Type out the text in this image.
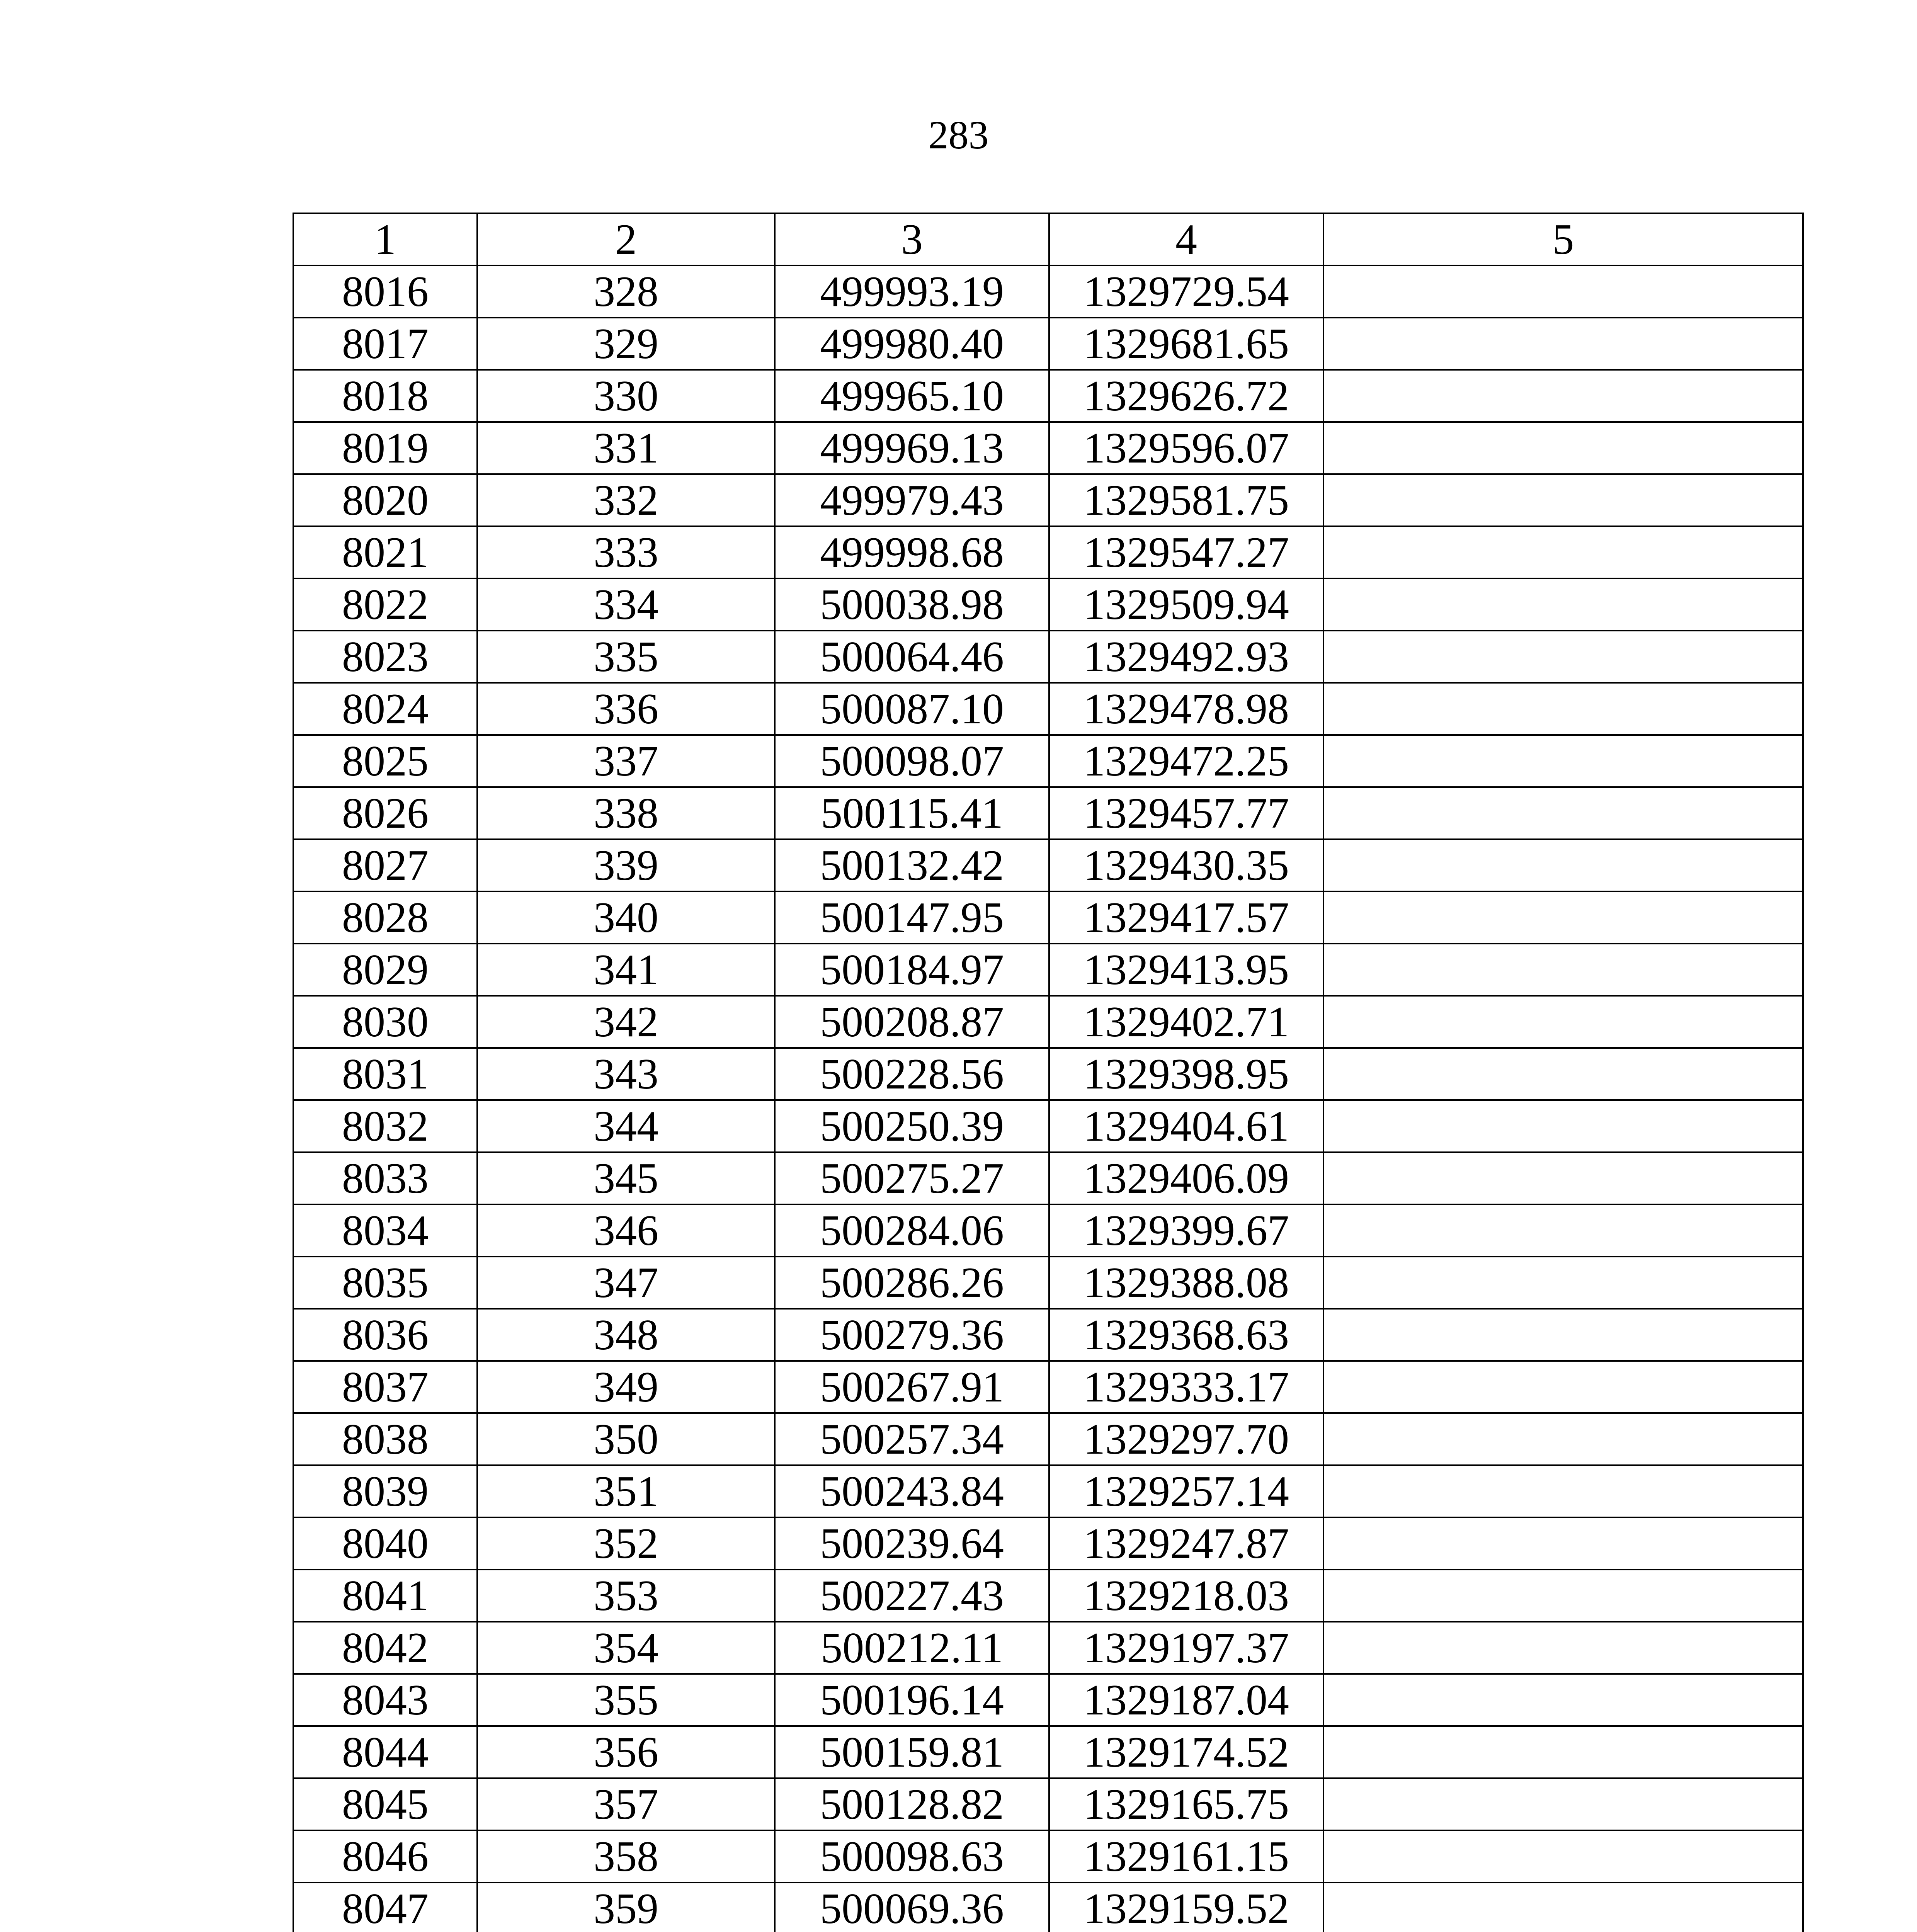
283
1	2	3	4	5
8016	328	499993.19	1329729.54	
8017	329	499980.40	1329681.65	
8018	330	499965.10	1329626.72	
8019	331	499969.13	1329596.07	
8020	332	499979.43	1329581.75	
8021	333	499998.68	1329547.27	
8022	334	500038.98	1329509.94	
8023	335	500064.46	1329492.93	
8024	336	500087.10	1329478.98	
8025	337	500098.07	1329472.25	
8026	338	500115.41	1329457.77	
8027	339	500132.42	1329430.35	
8028	340	500147.95	1329417.57	
8029	341	500184.97	1329413.95	
8030	342	500208.87	1329402.71	
8031	343	500228.56	1329398.95	
8032	344	500250.39	1329404.61	
8033	345	500275.27	1329406.09	
8034	346	500284.06	1329399.67	
8035	347	500286.26	1329388.08	
8036	348	500279.36	1329368.63	
8037	349	500267.91	1329333.17	
8038	350	500257.34	1329297.70	
8039	351	500243.84	1329257.14	
8040	352	500239.64	1329247.87	
8041	353	500227.43	1329218.03	
8042	354	500212.11	1329197.37	
8043	355	500196.14	1329187.04	
8044	356	500159.81	1329174.52	
8045	357	500128.82	1329165.75	
8046	358	500098.63	1329161.15	
8047	359	500069.36	1329159.52	
